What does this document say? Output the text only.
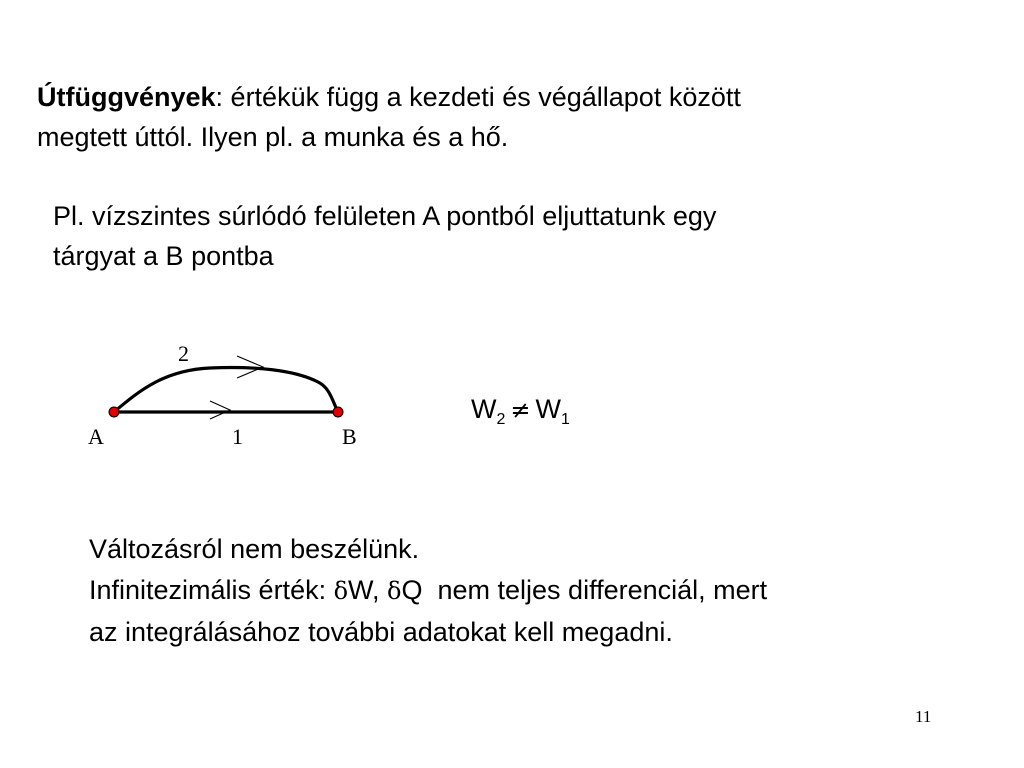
Útfüggvények: értékük függ a kezdeti és végállapot között
megtett úttól. Ilyen pl. a munka és a hő.
Pl. vízszintes súrlódó felületen A pontból eljuttatunk egy
tárgyat a B pontba
2
1
A	B
$W_2 \ne W_1$
Változásról nem beszélünk.
Infinitezimális érték: δW, δQ  nem teljes differenciál, mert
az integrálásához további adatokat kell megadni.
11
